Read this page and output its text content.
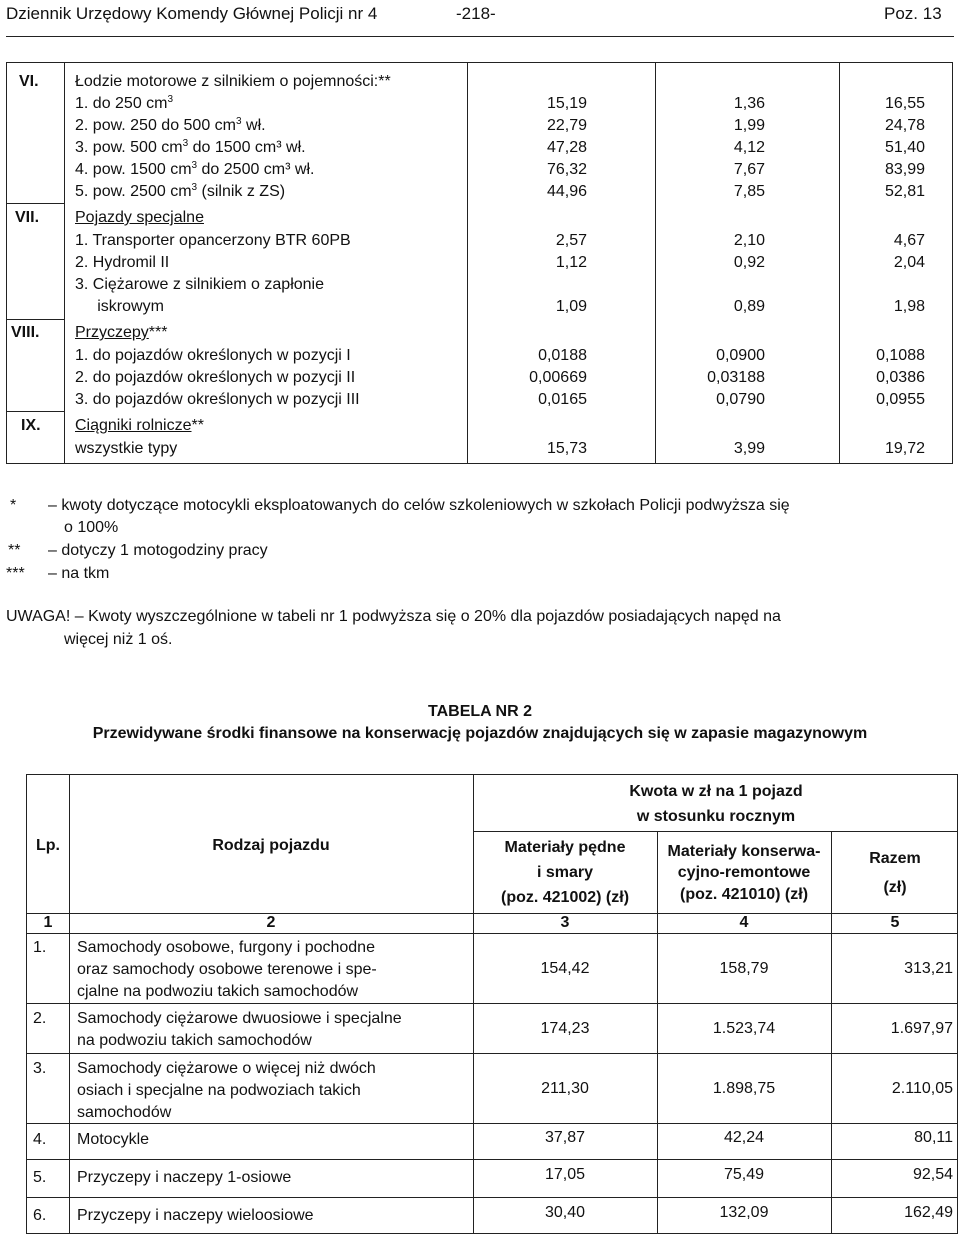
Dziennik Urzędowy Komendy Głównej Policji nr 4	-218-	Poz. 13
VI. Łodzie motorowe z silnikiem o pojemności:**
1. do 250 $cm^3$	15,19	1,36	16,55
2. pow. 250 do 500 $cm^3$ wł.	22,79	1,99	24,78
3. pow. 500 $cm^3$ do 1500 cm³ wł.	47,28	4,12	51,40
4. pow. 1500 $cm^3$ do 2500 cm³ wł.	76,32	7,67	83,99
5. pow. 2500 $cm^3$ (silnik z ZS)	44,96	7,85	52,81
VII. Pojazdy specjalne
1. Transporter opancerzony BTR 60PB	2,57	2,10	4,67
2. Hydromil II	1,12	0,92	2,04
3. Ciężarowe z silnikiem o zapłonie
iskrowym	1,09	0,89	1,98
VIII. Przyczepy***
1. do pojazdów określonych w pozycji I	0,0188	0,0900	0,1088
2. do pojazdów określonych w pozycji II	0,00669	0,03188	0,0386
3. do pojazdów określonych w pozycji III	0,0165	0,0790	0,0955
IX. Ciągniki rolnicze**
wszystkie typy	15,73	3,99	19,72
* – kwoty dotyczące motocykli eksploatowanych do celów szkoleniowych w szkołach Policji podwyższa się
o 100%
** – dotyczy 1 motogodziny pracy
*** – na tkm
UWAGA! – Kwoty wyszczególnione w tabeli nr 1 podwyższa się o 20% dla pojazdów posiadających napęd na
więcej niż 1 oś.
TABELA NR 2
Przewidywane środki finansowe na konserwację pojazdów znajdujących się w zapasie magazynowym
Lp.	Rodzaj pojazdu
Kwota w zł na 1 pojazd
w stosunku rocznym
Materiały pędne
i smary
(poz. 421002) (zł)
Materiały konserwa-
cyjno-remontowe
(poz. 421010) (zł)
Razem
(zł)
1	2	3	4	5
1. Samochody osobowe, furgony i pochodne
oraz samochody osobowe terenowe i spe-
cjalne na podwoziu takich samochodów
154,42	158,79	313,21
2. Samochody ciężarowe dwuosiowe i specjalne
na podwoziu takich samochodów
174,23	1.523,74	1.697,97
3. Samochody ciężarowe o więcej niż dwóch
osiach i specjalne na podwoziach takich
samochodów
211,30	1.898,75	2.110,05
4. Motocykle	37,87	42,24	80,11
5. Przyczepy i naczepy 1-osiowe	17,05	75,49	92,54
6. Przyczepy i naczepy wieloosiowe	30,40	132,09	162,49
